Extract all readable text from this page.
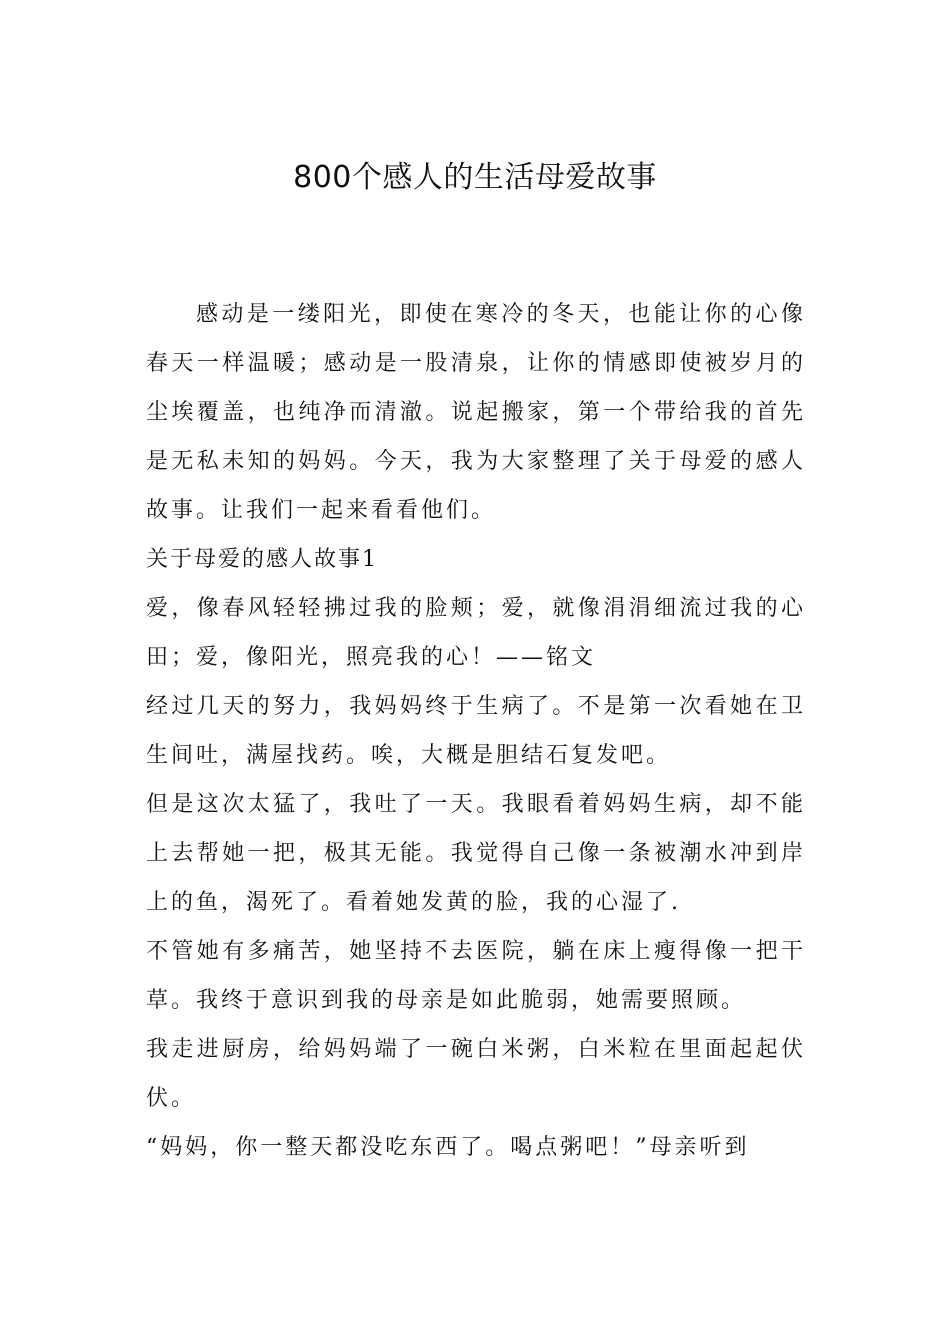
800个感人的生活母爱故事

感动是一缕阳光，即使在寒冷的冬天，也能让你的心像春天一样温暖；感动是一股清泉，让你的情感即使被岁月的尘埃覆盖，也纯净而清澈。说起搬家，第一个带给我的首先是无私未知的妈妈。今天，我为大家整理了关于母爱的感人故事。让我们一起来看看他们。

关于母爱的感人故事1

爱，像春风轻轻拂过我的脸颊；爱，就像涓涓细流过我的心田；爱，像阳光，照亮我的心！——铭文

经过几天的努力，我妈妈终于生病了。不是第一次看她在卫生间吐，满屋找药。唉，大概是胆结石复发吧。

但是这次太猛了，我吐了一天。我眼看着妈妈生病，却不能上去帮她一把，极其无能。我觉得自己像一条被潮水冲到岸上的鱼，渴死了。看着她发黄的脸，我的心湿了.

不管她有多痛苦，她坚持不去医院，躺在床上瘦得像一把干草。我终于意识到我的母亲是如此脆弱，她需要照顾。

我走进厨房，给妈妈端了一碗白米粥，白米粒在里面起起伏伏。

“妈妈，你一整天都没吃东西了。喝点粥吧！”母亲听到
